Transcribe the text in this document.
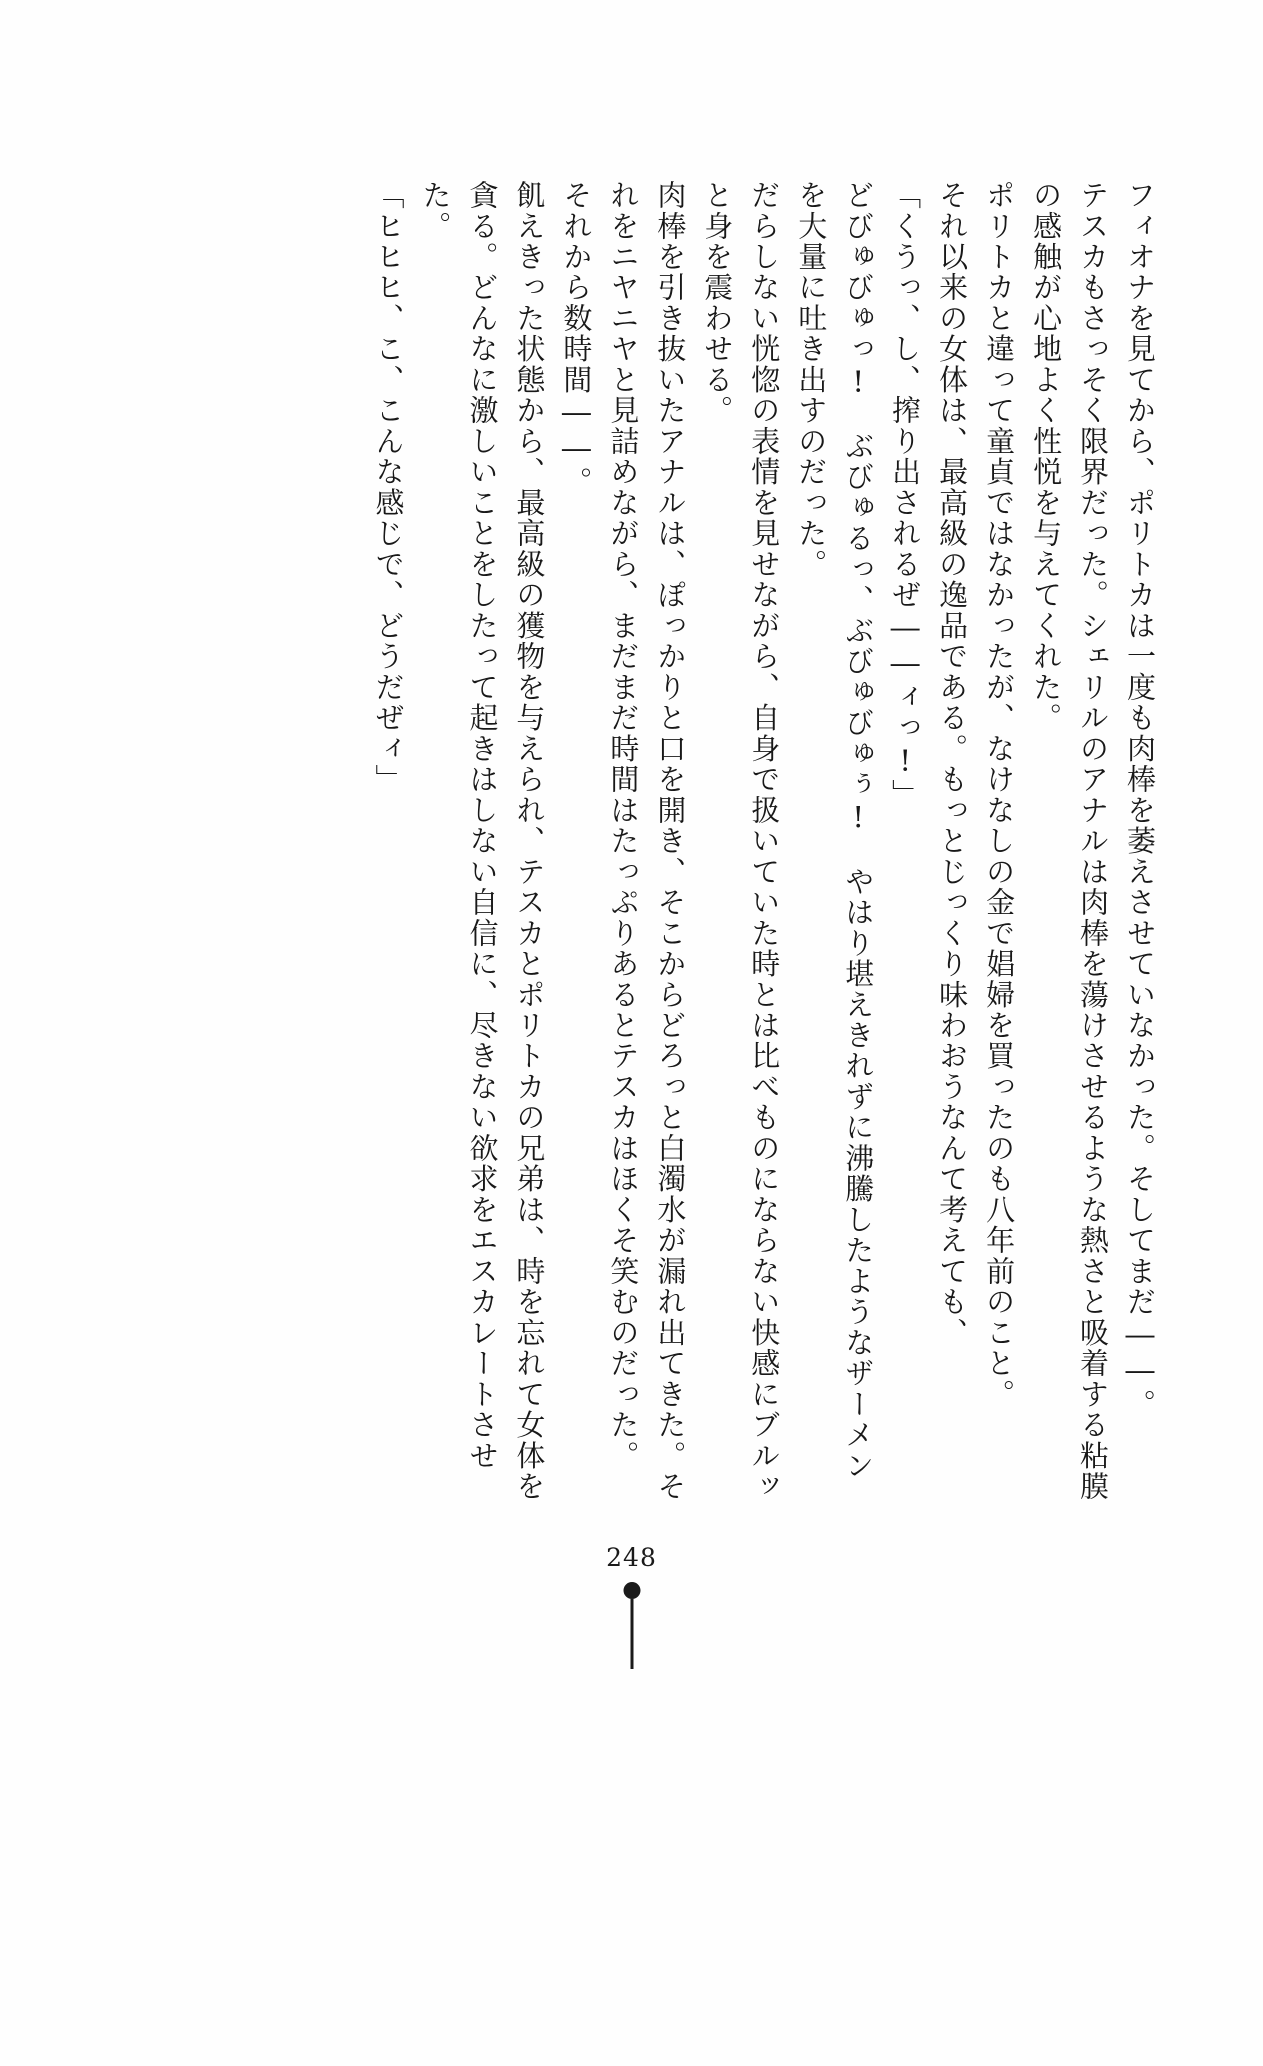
フィオナを見てから、ポリトカは一度も肉棒を萎えさせていなかった。そしてまだ――。

テスカもさっそく限界だった。シェリルのアナルは肉棒を蕩けさせるような熱さと吸着する粘膜の感触が心地よく性悦を与えてくれた。

ポリトカと違って童貞ではなかったが、なけなしの金で娼婦を買ったのも八年前のこと。

それ以来の女体は、最高級の逸品である。もっとじっくり味わおうなんて考えても、

「くうっ、し、搾り出されるぜ――ィっ!」

どびゅびゅっ!　ぶびゅるっ、ぶびゅびゅぅ!　やはり堪えきれずに沸騰したようなザーメンを大量に吐き出すのだった。

だらしない恍惚の表情を見せながら、自身で扱いていた時とは比べものにならない快感にブルッと身を震わせる。

肉棒を引き抜いたアナルは、ぽっかりと口を開き、そこからどろっと白濁水が漏れ出てきた。それをニヤニヤと見詰めながら、まだまだ時間はたっぷりあるとテスカはほくそ笑むのだった。

それから数時間――。

飢えきった状態から、最高級の獲物を与えられ、テスカとポリトカの兄弟は、時を忘れて女体を貪る。どんなに激しいことをしたって起きはしない自信に、尽きない欲求をエスカレートさせた。

「ヒヒヒ、こ、こんな感じで、どうだぜィ」

248
